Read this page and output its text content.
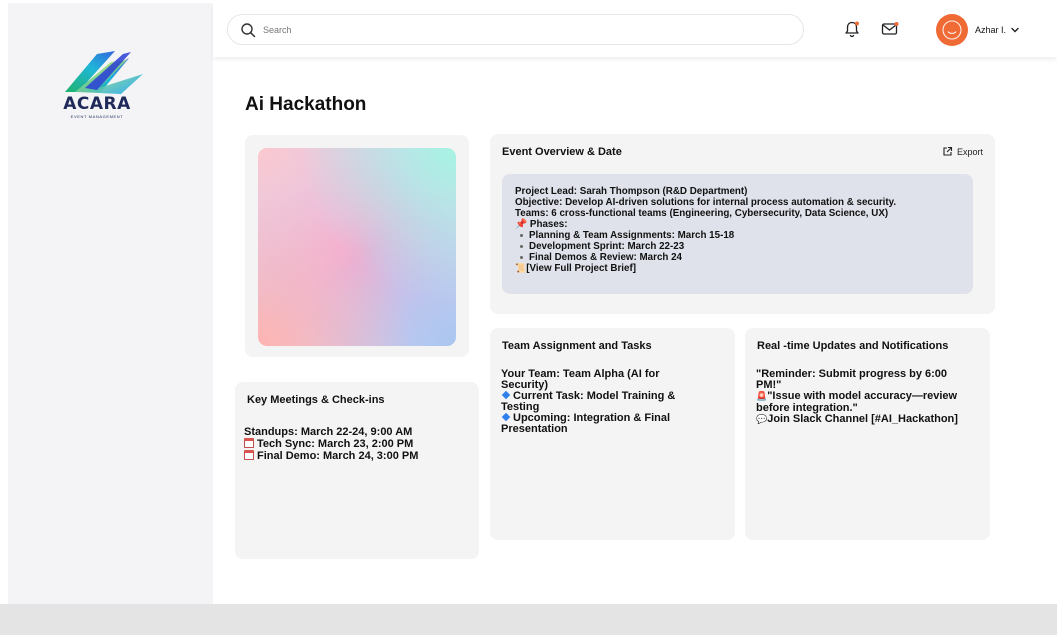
ACARA
EVENT MANAGEMENT
Search
Azhar I.
Ai Hackathon
Event Overview & Date	Export
Project Lead: Sarah Thompson (R&D Department)
Objective: Develop AI-driven solutions for internal process automation & security.
Teams: 6 cross-functional teams (Engineering, Cybersecurity, Data Science, UX)
📌 Phases:
Planning & Team Assignments: March 15-18
Development Sprint: March 22-23
Final Demos & Review: March 24
📜[View Full Project Brief]
Key Meetings & Check-ins
Standups: March 22-24, 9:00 AM
Tech Sync: March 23, 2:00 PM
Final Demo: March 24, 3:00 PM
Team Assignment and Tasks
Your Team: Team Alpha (AI for Security)
Current Task: Model Training & Testing
Upcoming: Integration & Final Presentation
Real -time Updates and Notifications
"Reminder: Submit progress by 6:00 PM!"
🚨"Issue with model accuracy—review before integration."
💬Join Slack Channel [#AI_Hackathon]
